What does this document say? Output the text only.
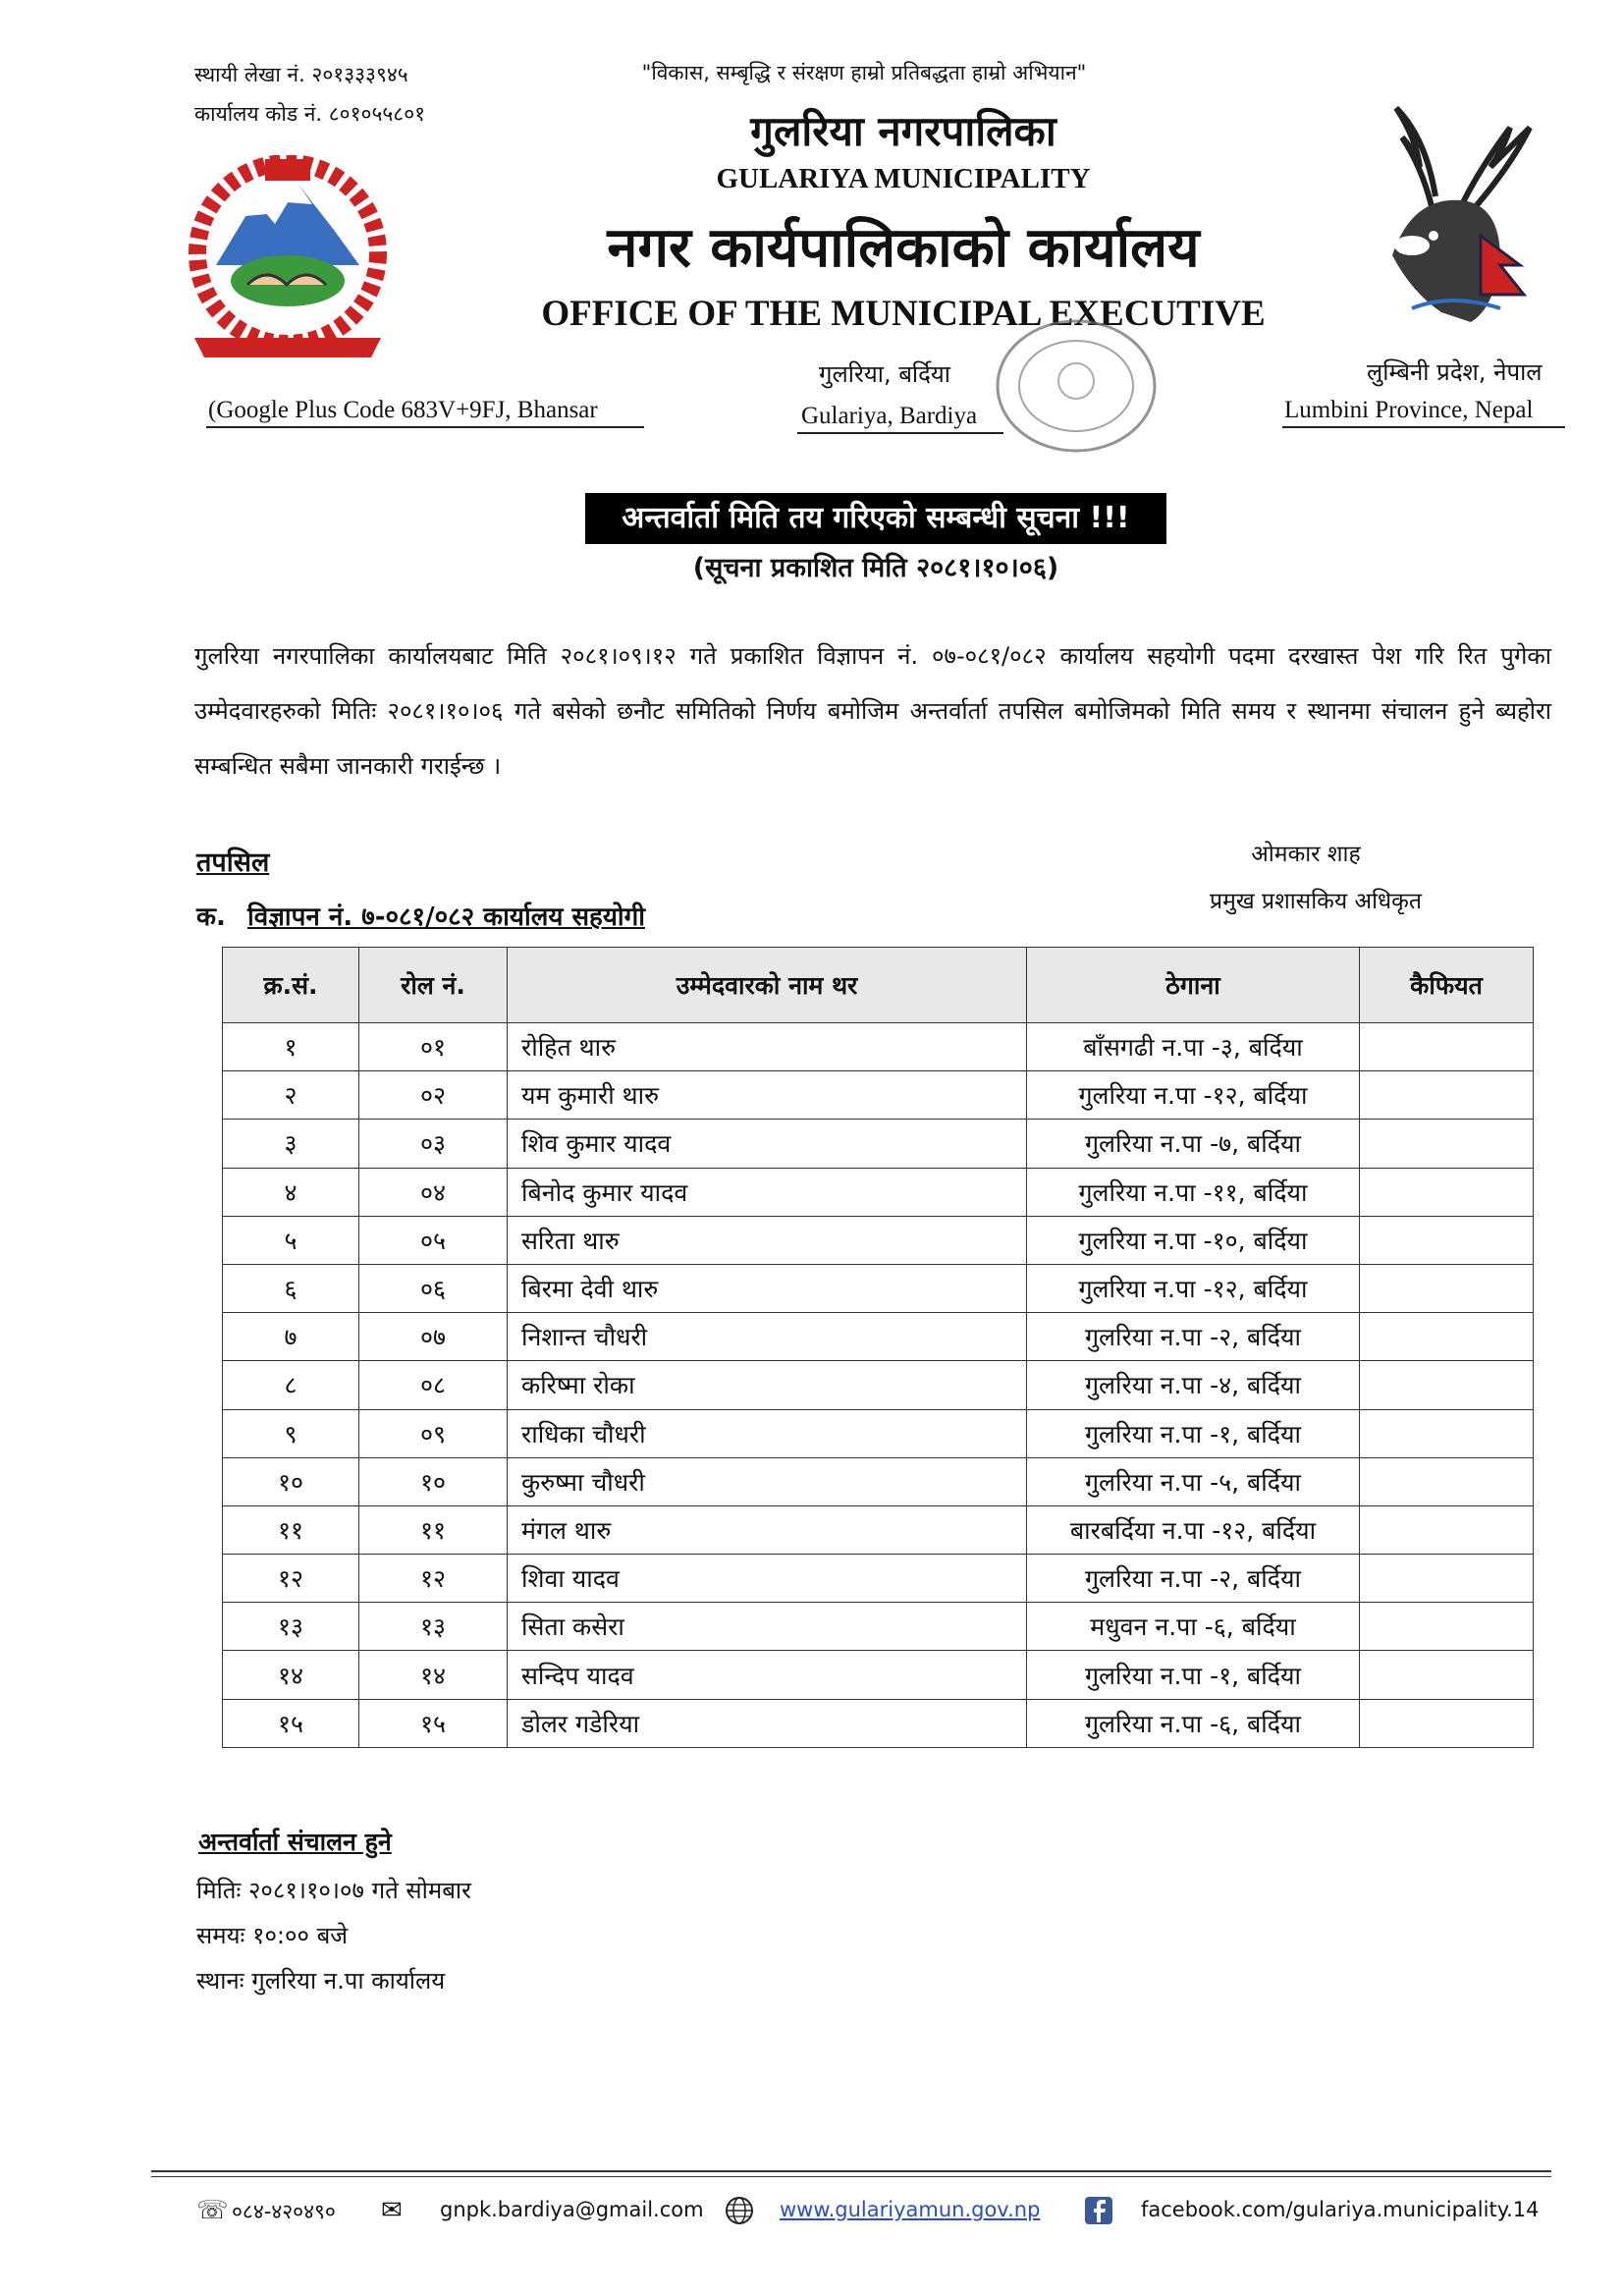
स्थायी लेखा नं. २०१३३३९४५
कार्यालय कोड नं. ८०१०५५८०१
"विकास, सम्बृद्धि र संरक्षण हाम्रो प्रतिबद्धता हाम्रो अभियान"
गुलरिया नगरपालिका
GULARIYA MUNICIPALITY
नगर कार्यपालिकाको कार्यालय
OFFICE OF THE MUNICIPAL EXECUTIVE
गुलरिया, बर्दिया
Gulariya, Bardiya
(Google Plus Code 683V+9FJ, Bhansar
लुम्बिनी प्रदेश, नेपाल
Lumbini Province, Nepal
अन्तर्वार्ता मिति तय गरिएको सम्बन्धी सूचना !!!
(सूचना प्रकाशित मिति २०८१।१०।०६)
गुलरिया नगरपालिका कार्यालयबाट मिति २०८१।०९।१२ गते प्रकाशित विज्ञापन नं. ०७-०८१/०८२ कार्यालय सहयोगी पदमा दरखास्त पेश गरि रित पुगेका उम्मेदवारहरुको मितिः २०८१।१०।०६ गते बसेको छनौट समितिको निर्णय बमोजिम अन्तर्वार्ता तपसिल बमोजिमको मिति समय र स्थानमा संचालन हुने ब्यहोरा सम्बन्धित सबैमा जानकारी गराईन्छ ।
तपसिल	ओमकार शाह
प्रमुख प्रशासकिय अधिकृत
क. विज्ञापन नं. ७-०८१/०८२ कार्यालय सहयोगी
क्र.सं.	रोल नं.	उम्मेदवारको नाम थर	ठेगाना	कैफियत
१	०१	रोहित थारु	बाँसगढी न.पा -३, बर्दिया	
२	०२	यम कुमारी थारु	गुलरिया न.पा -१२, बर्दिया	
३	०३	शिव कुमार यादव	गुलरिया न.पा -७, बर्दिया	
४	०४	बिनोद कुमार यादव	गुलरिया न.पा -११, बर्दिया	
५	०५	सरिता थारु	गुलरिया न.पा -१०, बर्दिया	
६	०६	बिरमा देवी थारु	गुलरिया न.पा -१२, बर्दिया	
७	०७	निशान्त चौधरी	गुलरिया न.पा -२, बर्दिया	
८	०८	करिष्मा रोका	गुलरिया न.पा -४, बर्दिया	
९	०९	राधिका चौधरी	गुलरिया न.पा -१, बर्दिया	
१०	१०	कुरुष्मा चौधरी	गुलरिया न.पा -५, बर्दिया	
११	११	मंगल थारु	बारबर्दिया न.पा -१२, बर्दिया	
१२	१२	शिवा यादव	गुलरिया न.पा -२, बर्दिया	
१३	१३	सिता कसेरा	मधुवन न.पा -६, बर्दिया	
१४	१४	सन्दिप यादव	गुलरिया न.पा -१, बर्दिया	
१५	१५	डोलर गडेरिया	गुलरिया न.पा -६, बर्दिया	
अन्तर्वार्ता संचालन हुने
मितिः २०८१।१०।०७ गते सोमबार
समयः १०:०० बजे
स्थानः गुलरिया न.पा कार्यालय
☏ ०८४-४२०४९० ✉ gnpk.bardiya@gmail.com	www.gulariyamun.gov.np	facebook.com/gulariya.municipality.14
